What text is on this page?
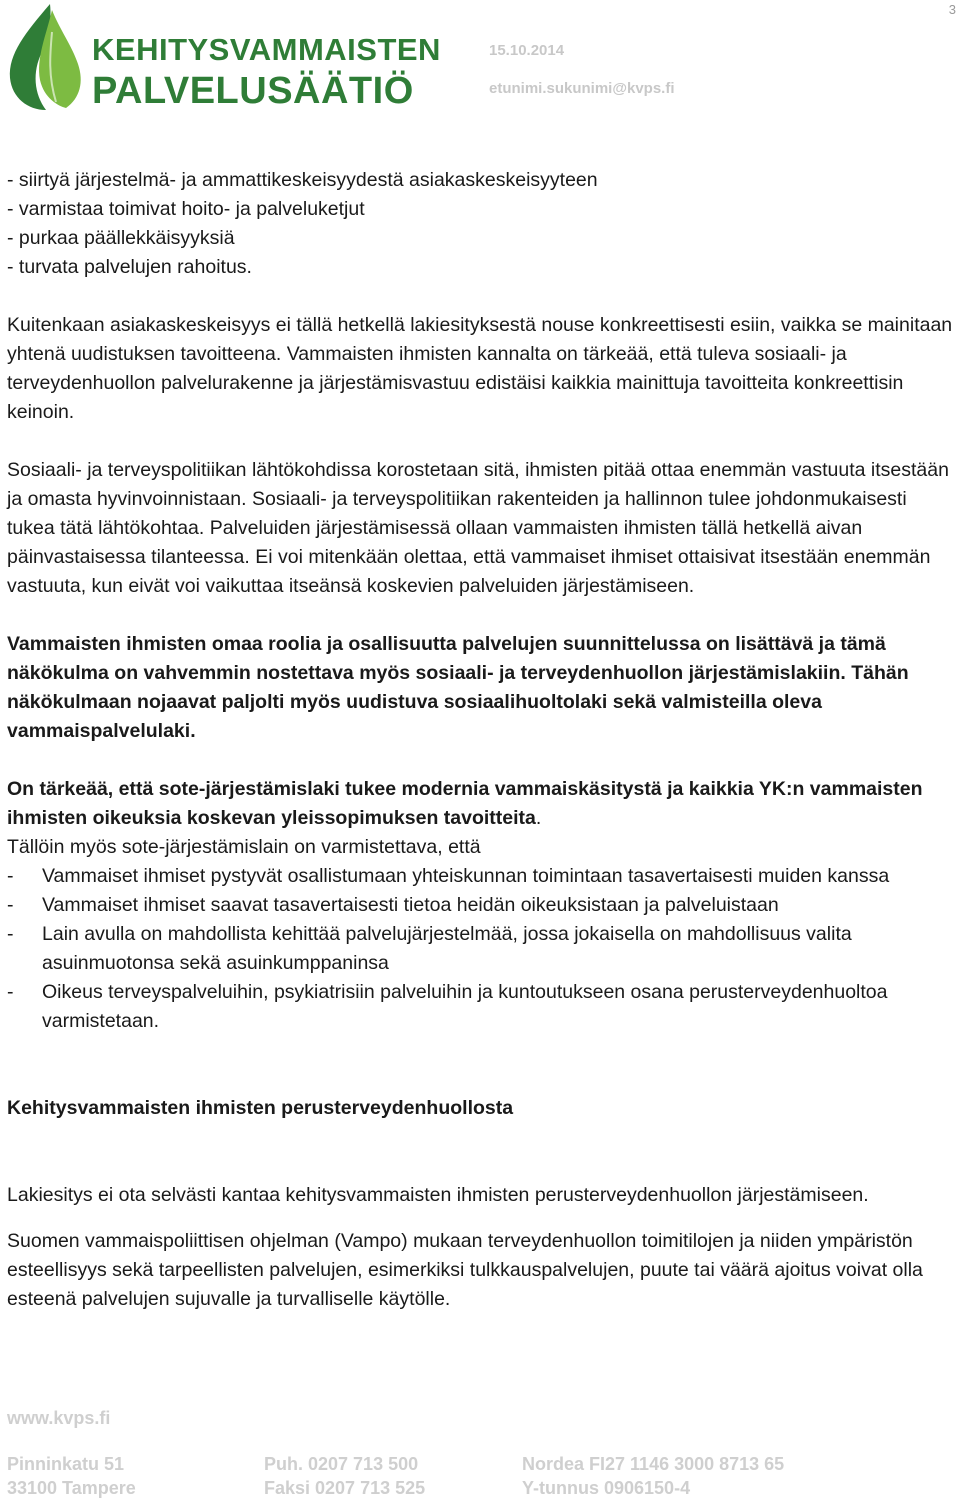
3
KEHITYSVAMMAISTEN
PALVELUSÄÄTIÖ
15.10.2014
etunimi.sukunimi@kvps.fi

- siirtyä järjestelmä- ja ammattikeskeisyydestä asiakaskeskeisyyteen
- varmistaa toimivat hoito- ja palveluketjut
- purkaa päällekkäisyyksiä
- turvata palvelujen rahoitus.

Kuitenkaan asiakaskeskeisyys ei tällä hetkellä lakiesityksestä nouse konkreettisesti esiin, vaikka se mainitaan yhtenä uudistuksen tavoitteena. Vammaisten ihmisten kannalta on tärkeää, että tuleva sosiaali- ja terveydenhuollon palvelurakenne ja järjestämisvastuu edistäisi kaikkia mainittuja tavoitteita konkreettisin keinoin.

Sosiaali- ja terveyspolitiikan lähtökohdissa korostetaan sitä, ihmisten pitää ottaa enemmän vastuuta itsestään ja omasta hyvinvoinnistaan. Sosiaali- ja terveyspolitiikan rakenteiden ja hallinnon tulee johdonmukaisesti tukea tätä lähtökohtaa. Palveluiden järjestämisessä ollaan vammaisten ihmisten tällä hetkellä aivan päinvastaisessa tilanteessa. Ei voi mitenkään olettaa, että vammaiset ihmiset ottaisivat itsestään enemmän vastuuta, kun eivät voi vaikuttaa itseänsä koskevien palveluiden järjestämiseen.

Vammaisten ihmisten omaa roolia ja osallisuutta palvelujen suunnittelussa on lisättävä ja tämä näkökulma on vahvemmin nostettava myös sosiaali- ja terveydenhuollon järjestämislakiin. Tähän näkökulmaan nojaavat paljolti myös uudistuva sosiaalihuoltolaki sekä valmisteilla oleva vammaispalvelulaki.

On tärkeää, että sote-järjestämislaki tukee modernia vammaiskäsitystä ja kaikkia YK:n vammaisten ihmisten oikeuksia koskevan yleissopimuksen tavoitteita.

Tällöin myös sote-järjestämislain on varmistettava, että

- Vammaiset ihmiset pystyvät osallistumaan yhteiskunnan toimintaan tasavertaisesti muiden kanssa
- Vammaiset ihmiset saavat tasavertaisesti tietoa heidän oikeuksistaan ja palveluistaan
- Lain avulla on mahdollista kehittää palvelujärjestelmää, jossa jokaisella on mahdollisuus valita asuinmuotonsa sekä asuinkumppaninsa
- Oikeus terveyspalveluihin, psykiatrisiin palveluihin ja kuntoutukseen osana perusterveydenhuoltoa varmistetaan.

Kehitysvammaisten ihmisten perusterveydenhuollosta

Lakiesitys ei ota selvästi kantaa kehitysvammaisten ihmisten perusterveydenhuollon järjestämiseen.

Suomen vammaispoliittisen ohjelman (Vampo) mukaan terveydenhuollon toimitilojen ja niiden ympäristön esteellisyys sekä tarpeellisten palvelujen, esimerkiksi tulkkauspalvelujen, puute tai väärä ajoitus voivat olla esteenä palvelujen sujuvalle ja turvalliselle käytölle.

www.kvps.fi
Pinninkatu 51
33100 Tampere
Puh. 0207 713 500
Faksi 0207 713 525
Nordea FI27 1146 3000 8713 65
Y-tunnus 0906150-4
